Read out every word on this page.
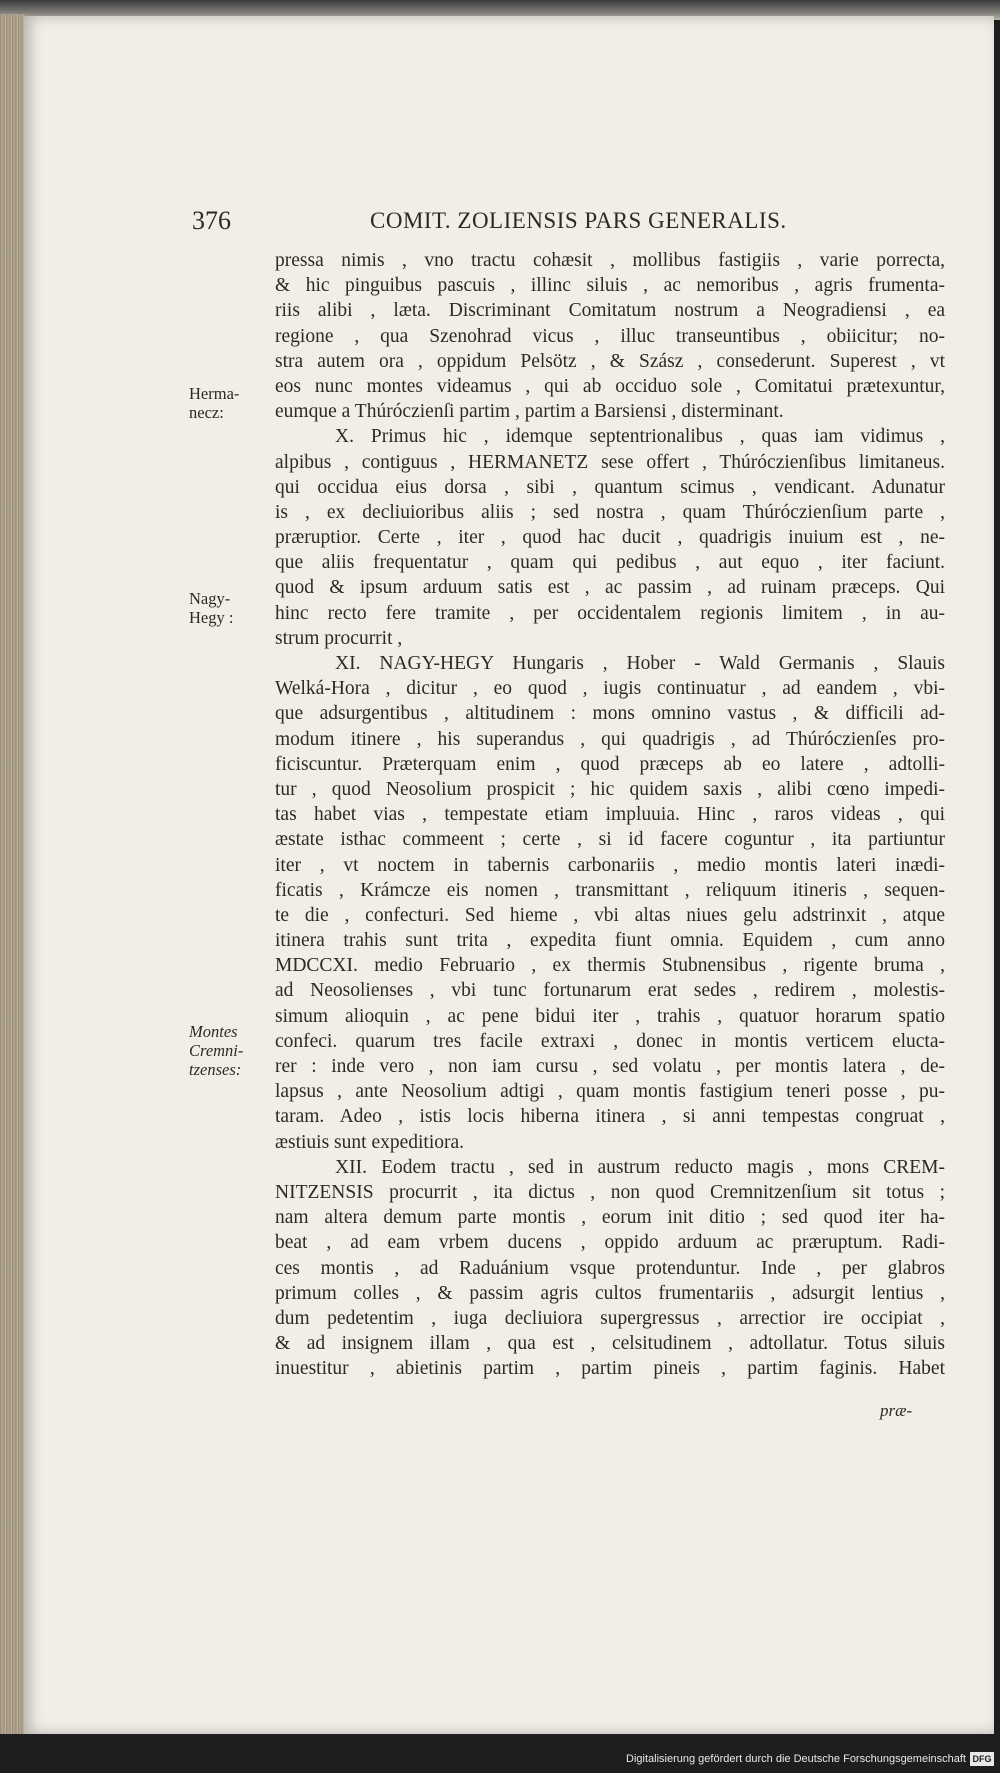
376	COMIT. ZOLIENSIS PARS GENERALIS.
Herma-
necz:
Nagy-
Hegy :
Montes
Cremni-
tzenses:
pressa nimis , vno tractu cohæsit , mollibus fastigiis , varie porrecta,
& hic pinguibus pascuis , illinc siluis , ac nemoribus , agris frumenta-
riis alibi , læta. Discriminant Comitatum nostrum a Neogradiensi , ea
regione , qua Szenohrad vicus , illuc transeuntibus , obiicitur; no-
stra autem ora , oppidum Pelsötz , & Szász , consederunt. Superest , vt
eos nunc montes videamus , qui ab occiduo sole , Comitatui prætexuntur,
eumque a Thúróczienſi partim , partim a Barsiensi , disterminant.
X. Primus hic , idemque septentrionalibus , quas iam vidimus ,
alpibus , contiguus , HERMANETZ sese offert , Thúróczienſibus limitaneus.
qui occidua eius dorsa , sibi , quantum scimus , vendicant. Adunatur
is , ex decliuioribus aliis ; sed nostra , quam Thúróczienſium parte ,
præruptior. Certe , iter , quod hac ducit , quadrigis inuium est , ne-
que aliis frequentatur , quam qui pedibus , aut equo , iter faciunt.
quod & ipsum arduum satis est , ac passim , ad ruinam præceps. Qui
hinc recto fere tramite , per occidentalem regionis limitem , in au-
strum procurrit ,
XI. NAGY-HEGY Hungaris , Hober - Wald Germanis , Slauis
Welká-Hora , dicitur , eo quod , iugis continuatur , ad eandem , vbi-
que adsurgentibus , altitudinem : mons omnino vastus , & difficili ad-
modum itinere , his superandus , qui quadrigis , ad Thúróczienſes pro-
ficiscuntur. Præterquam enim , quod præceps ab eo latere , adtolli-
tur , quod Neosolium prospicit ; hic quidem saxis , alibi cœno impedi-
tas habet vias , tempestate etiam impluuia. Hinc , raros videas , qui
æstate isthac commeent ; certe , si id facere coguntur , ita partiuntur
iter , vt noctem in tabernis carbonariis , medio montis lateri inædi-
ficatis , Krámcze eis nomen , transmittant , reliquum itineris , sequen-
te die , confecturi. Sed hieme , vbi altas niues gelu adstrinxit , atque
itinera trahis sunt trita , expedita fiunt omnia. Equidem , cum anno
MDCCXI. medio Februario , ex thermis Stubnensibus , rigente bruma ,
ad Neosolienses , vbi tunc fortunarum erat sedes , redirem , molestis-
simum alioquin , ac pene bidui iter , trahis , quatuor horarum spatio
confeci. quarum tres facile extraxi , donec in montis verticem elucta-
rer : inde vero , non iam cursu , sed volatu , per montis latera , de-
lapsus , ante Neosolium adtigi , quam montis fastigium teneri posse , pu-
taram. Adeo , istis locis hiberna itinera , si anni tempestas congruat ,
æstiuis sunt expeditiora.
XII. Eodem tractu , sed in austrum reducto magis , mons CREM-
NITZENSIS procurrit , ita dictus , non quod Cremnitzenſium sit totus ;
nam altera demum parte montis , eorum init ditio ; sed quod iter ha-
beat , ad eam vrbem ducens , oppido arduum ac præruptum. Radi-
ces montis , ad Raduánium vsque protenduntur. Inde , per glabros
primum colles , & passim agris cultos frumentariis , adsurgit lentius ,
dum pedetentim , iuga decliuiora supergressus , arrectior ire occipiat ,
& ad insignem illam , qua est , celsitudinem , adtollatur. Totus siluis
inuestitur , abietinis partim , partim pineis , partim faginis. Habet
præ-
Digitalisierung gefördert durch die Deutsche Forschungsgemeinschaft DFG
